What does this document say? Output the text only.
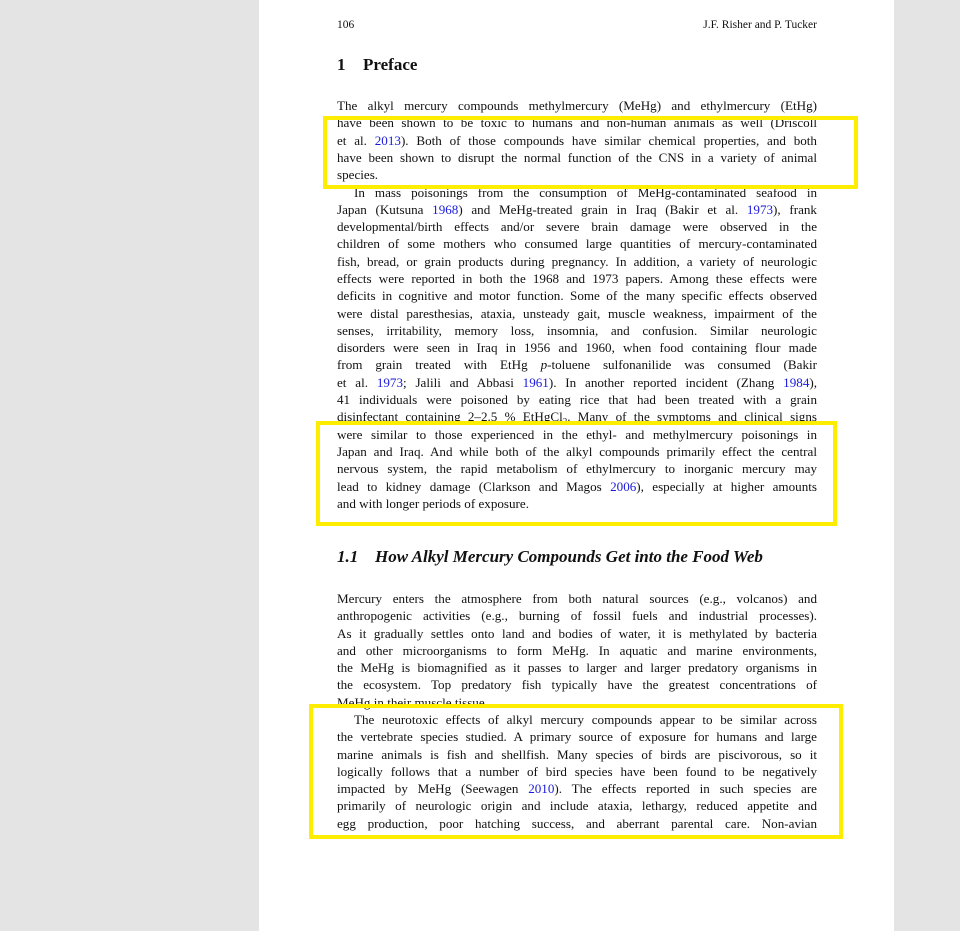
106	J.F. Risher and P. Tucker
1 Preface
The alkyl mercury compounds methylmercury (MeHg) and ethylmercury (EtHg)
have been shown to be toxic to humans and non-human animals as well (Driscoll
et al. 2013). Both of those compounds have similar chemical properties, and both
have been shown to disrupt the normal function of the CNS in a variety of animal
species.
In mass poisonings from the consumption of MeHg-contaminated seafood in
Japan (Kutsuna 1968) and MeHg-treated grain in Iraq (Bakir et al. 1973), frank
developmental/birth effects and/or severe brain damage were observed in the
children of some mothers who consumed large quantities of mercury-contaminated
fish, bread, or grain products during pregnancy. In addition, a variety of neurologic
effects were reported in both the 1968 and 1973 papers. Among these effects were
deficits in cognitive and motor function. Some of the many specific effects observed
were distal paresthesias, ataxia, unsteady gait, muscle weakness, impairment of the
senses, irritability, memory loss, insomnia, and confusion. Similar neurologic
disorders were seen in Iraq in 1956 and 1960, when food containing flour made
from grain treated with EtHg p-toluene sulfonanilide was consumed (Bakir
et al. 1973; Jalili and Abbasi 1961). In another reported incident (Zhang 1984),
41 individuals were poisoned by eating rice that had been treated with a grain
disinfectant containing 2–2.5 % EtHgCl$_2$. Many of the symptoms and clinical signs
were similar to those experienced in the ethyl- and methylmercury poisonings in
Japan and Iraq. And while both of the alkyl compounds primarily effect the central
nervous system, the rapid metabolism of ethylmercury to inorganic mercury may
lead to kidney damage (Clarkson and Magos 2006), especially at higher amounts
and with longer periods of exposure.
1.1 How Alkyl Mercury Compounds Get into the Food Web
Mercury enters the atmosphere from both natural sources (e.g., volcanos) and
anthropogenic activities (e.g., burning of fossil fuels and industrial processes).
As it gradually settles onto land and bodies of water, it is methylated by bacteria
and other microorganisms to form MeHg. In aquatic and marine environments,
the MeHg is biomagnified as it passes to larger and larger predatory organisms in
the ecosystem. Top predatory fish typically have the greatest concentrations of
MeHg in their muscle tissue.
The neurotoxic effects of alkyl mercury compounds appear to be similar across
the vertebrate species studied. A primary source of exposure for humans and large
marine animals is fish and shellfish. Many species of birds are piscivorous, so it
logically follows that a number of bird species have been found to be negatively
impacted by MeHg (Seewagen 2010). The effects reported in such species are
primarily of neurologic origin and include ataxia, lethargy, reduced appetite and
egg production, poor hatching success, and aberrant parental care. Non-avian
